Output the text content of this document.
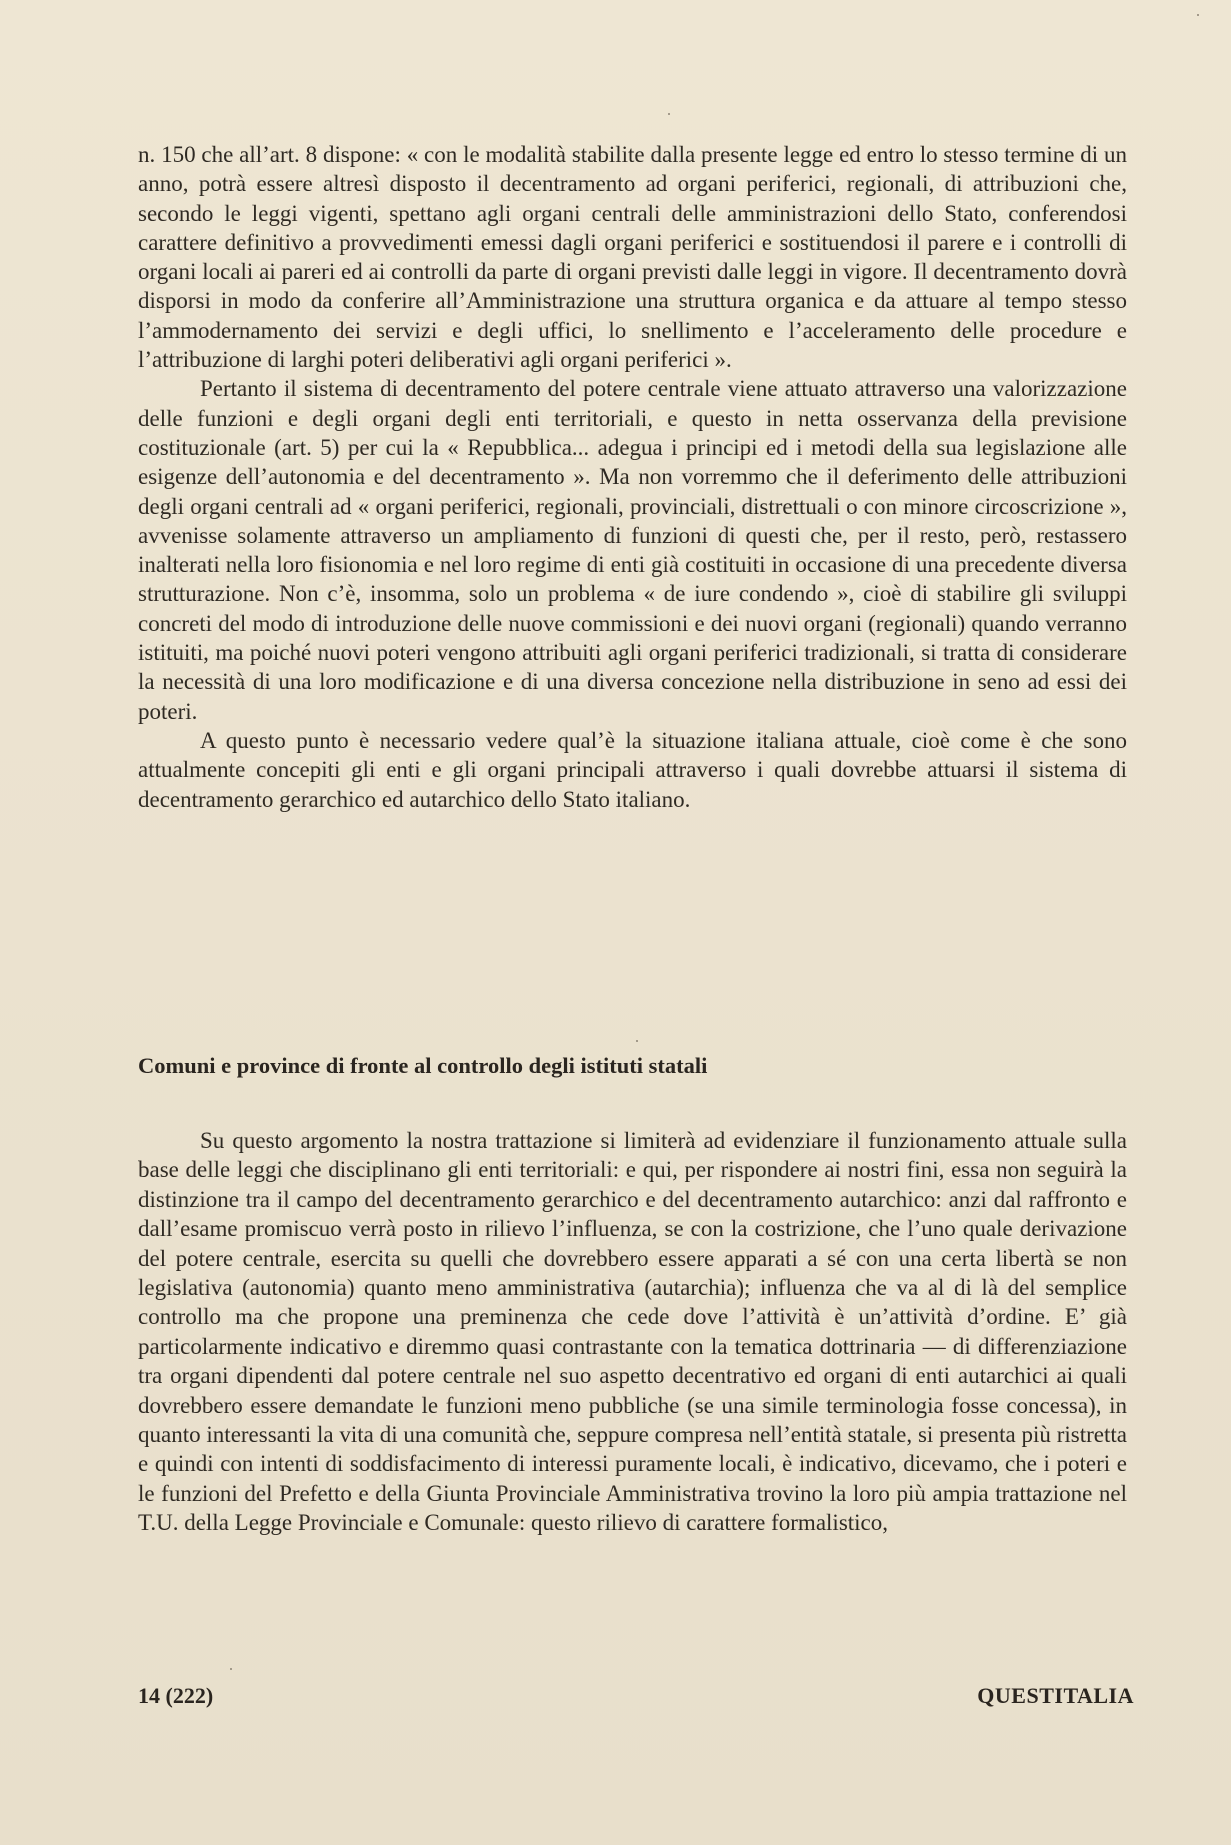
n. 150 che all’art. 8 dispone: « con le modalità stabilite dalla presente legge ed entro lo stesso termine di un anno, potrà essere altresì disposto il decentramento ad organi periferici, regionali, di attribuzioni che, secondo le leggi vigenti, spettano agli organi centrali delle amministrazioni dello Stato, conferendosi carattere definitivo a provvedimenti emessi dagli organi periferici e sostituendosi il parere e i controlli di organi locali ai pareri ed ai controlli da parte di organi previsti dalle leggi in vigore. Il decentramento dovrà disporsi in modo da conferire all’Amministrazione una struttura organica e da attuare al tempo stesso l’ammodernamento dei servizi e degli uffici, lo snellimento e l’acceleramento delle procedure e l’attribuzione di larghi poteri deliberativi agli organi periferici ».

Pertanto il sistema di decentramento del potere centrale viene attuato attraverso una valorizzazione delle funzioni e degli organi degli enti territoriali, e questo in netta osservanza della previsione costituzionale (art. 5) per cui la « Repubblica... adegua i principi ed i metodi della sua legislazione alle esigenze dell’autonomia e del decentramento ». Ma non vorremmo che il deferimento delle attribuzioni degli organi centrali ad « organi periferici, regionali, provinciali, distrettuali o con minore circoscrizione », avvenisse solamente attraverso un ampliamento di funzioni di questi che, per il resto, però, restassero inalterati nella loro fisionomia e nel loro regime di enti già costituiti in occasione di una precedente diversa strutturazione. Non c’è, insomma, solo un problema « de iure condendo », cioè di stabilire gli sviluppi concreti del modo di introduzione delle nuove commissioni e dei nuovi organi (regionali) quando verranno istituiti, ma poiché nuovi poteri vengono attribuiti agli organi periferici tradizionali, si tratta di considerare la necessità di una loro modificazione e di una diversa concezione nella distribuzione in seno ad essi dei poteri.

A questo punto è necessario vedere qual’è la situazione italiana attuale, cioè come è che sono attualmente concepiti gli enti e gli organi principali attraverso i quali dovrebbe attuarsi il sistema di decentramento gerarchico ed autarchico dello Stato italiano.

Comuni e province di fronte al controllo degli istituti statali

Su questo argomento la nostra trattazione si limiterà ad evidenziare il funzionamento attuale sulla base delle leggi che disciplinano gli enti territoriali: e qui, per rispondere ai nostri fini, essa non seguirà la distinzione tra il campo del decentramento gerarchico e del decentramento autarchico: anzi dal raffronto e dall’esame promiscuo verrà posto in rilievo l’influenza, se con la costrizione, che l’uno quale derivazione del potere centrale, esercita su quelli che dovrebbero essere apparati a sé con una certa libertà se non legislativa (autonomia) quanto meno amministrativa (autarchia); influenza che va al di là del semplice controllo ma che propone una preminenza che cede dove l’attività è un’attività d’ordine. E’ già particolarmente indicativo e diremmo quasi contrastante con la tematica dottrinaria — di differenziazione tra organi dipendenti dal potere centrale nel suo aspetto decentrativo ed organi di enti autarchici ai quali dovrebbero essere demandate le funzioni meno pubbliche (se una simile terminologia fosse concessa), in quanto interessanti la vita di una comunità che, seppure compresa nell’entità statale, si presenta più ristretta e quindi con intenti di soddisfacimento di interessi puramente locali, è indicativo, dicevamo, che i poteri e le funzioni del Prefetto e della Giunta Provinciale Amministrativa trovino la loro più ampia trattazione nel T.U. della Legge Provinciale e Comunale: questo rilievo di carattere formalistico,

14 (222)	QUESTITALIA
